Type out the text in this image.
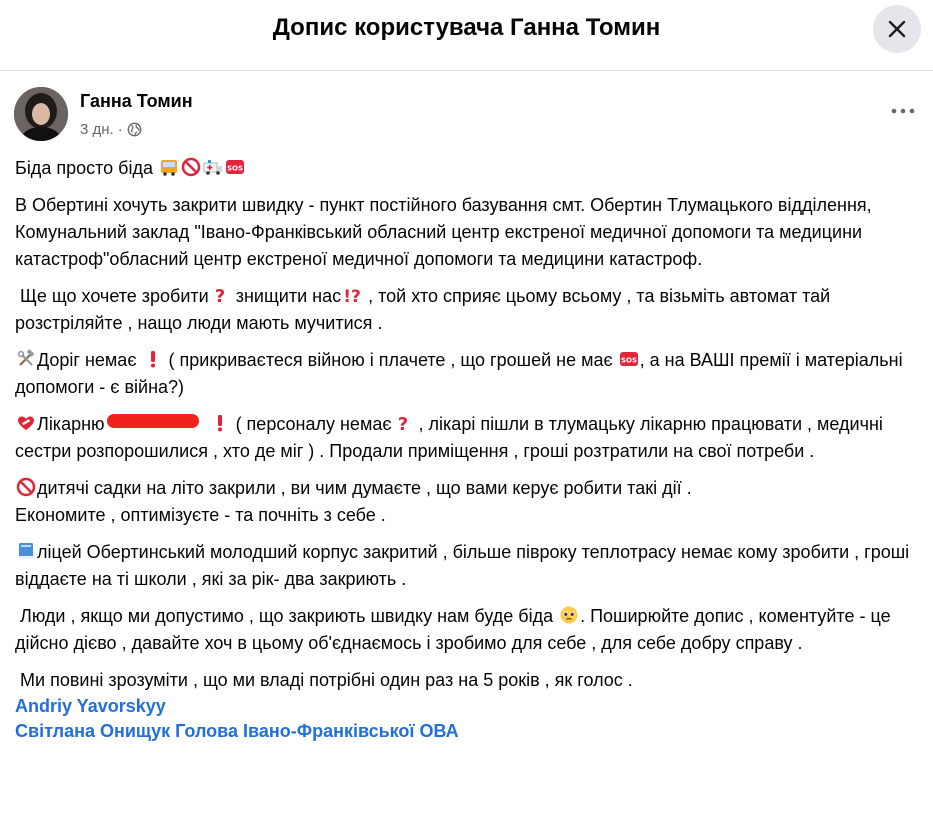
Допис користувача Ганна Томин
Ганна Томин
3 дн. ·

Біда просто біда	SOS

В Обертині хочуть закрити швидку - пункт постійного базування смт. Обертин Тлумацького відділення,  Комунальний заклад "Івано-Франківський обласний центр екстреної медичної допомоги та медицини катастроф"обласний центр екстреної медичної допомоги та медицини катастроф.

Ще що хочете зробити ? знищити нас !? , той хто сприяє цьому всьому , та візьміть автомат тай розстріляйте , нащо люди мають мучитися .

Доріг немає  ( прикриваєтеся війною і плачете , що грошей не має SOS , а на ВАШІ премії і матеріальні допомоги - є війна?)

Лікарню	( персоналу немає ? , лікарі пішли в тлумацьку лікарню працювати , медичні сестри розпорошилися , хто де міг ) . Продали приміщення , гроші розтратили на свої потреби .

дитячі садки на літо закрили , ви чим думаєте , що вами керує робити такі дії .
Економите , оптимізуєте - та почніть з себе .

ліцей Обертинський молодший корпус закритий , більше півроку теплотрасу немає кому зробити , гроші віддаєте на ті школи , які за рік- два закриють .

Люди , якщо ми допустимо , що закриють швидку нам буде біда . Поширюйте допис , коментуйте - це дійсно дієво , давайте хоч в цьому об'єднаємось і зробимо для себе , для себе добру справу .

Ми повині зрозуміти , що ми владі потрібні один раз на 5 років , як голос .

Andriy Yavorskyy
Світлана Онищук Голова Івано-Франківської ОВА
